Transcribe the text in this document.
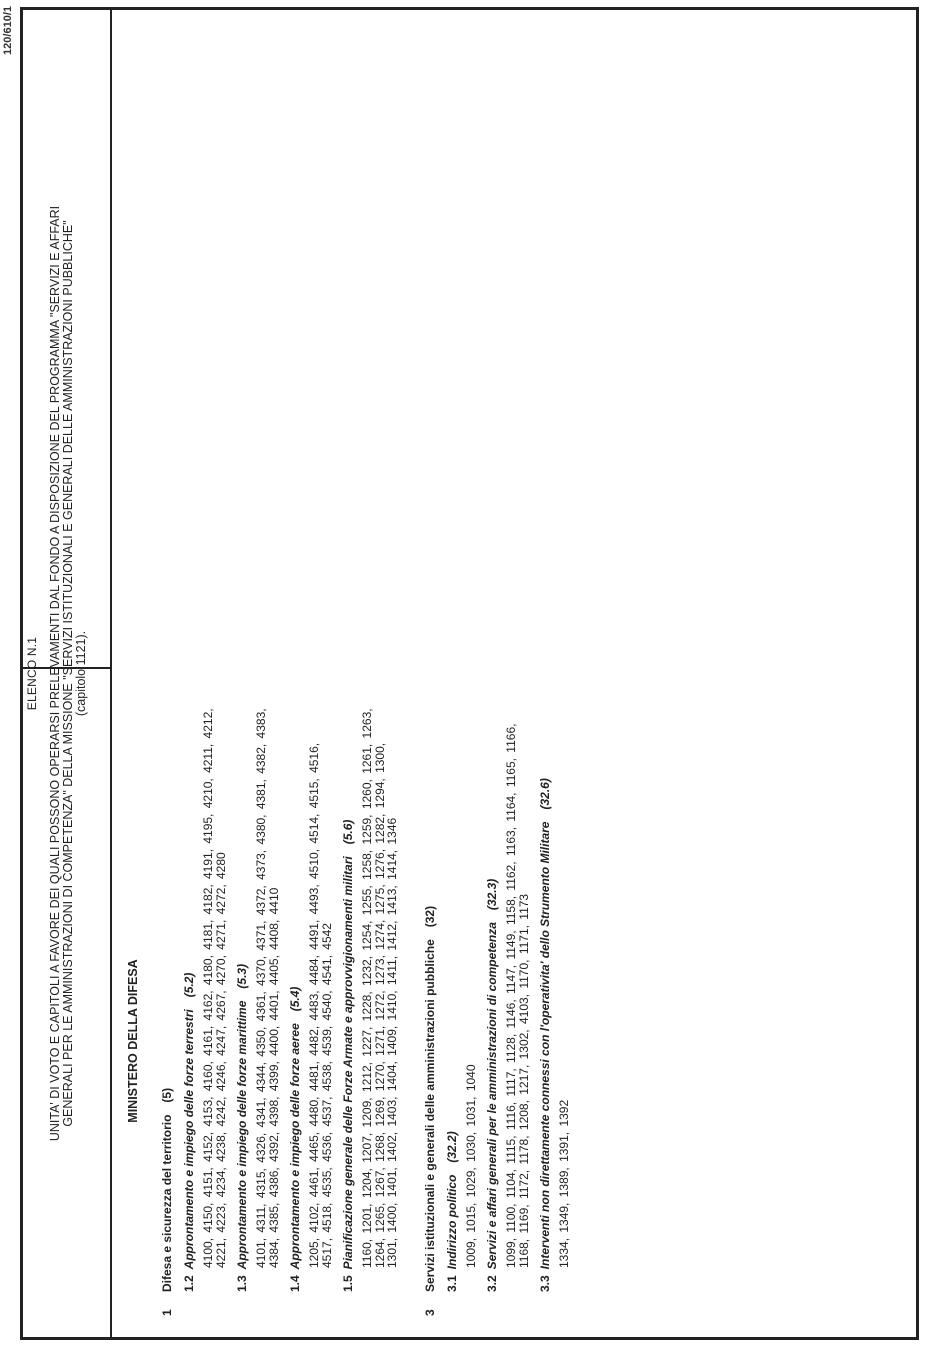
120/610/1
ELENCO N.1 UNITA' DI VOTO E CAPITOLI A FAVORE DEI QUALI POSSONO OPERARSI PRELEVAMENTI DAL FONDO A DISPOSIZIONE DEL PROGRAMMA "SERVIZI E AFFARI GENERALI PER LE AMMINISTRAZIONI DI COMPETENZA" DELLA MISSIONE "SERVIZI ISTITUZIONALI E GENERALI DELLE AMMINISTRAZIONI PUBBLICHE" (capitolo 1121).
MINISTERO DELLA DIFESA
1Difesa e sicurezza del territorio(5)
1.2Approntamento e impiego delle forze terrestri(5.2) 4100, 4150, 4151, 4152, 4153, 4160, 4161, 4162, 4180, 4181, 4182, 4191, 4195, 4210, 4211, 4212, 4221, 4223, 4234, 4238, 4242, 4246, 4247, 4267, 4270, 4271, 4272, 4280
1.3Approntamento e impiego delle forze marittime(5.3) 4101, 4311, 4315, 4326, 4341, 4344, 4350, 4361, 4370, 4371, 4372, 4373, 4380, 4381, 4382, 4383, 4384, 4385, 4386, 4392, 4398, 4399, 4400, 4401, 4405, 4408, 4410
1.4Approntamento e impiego delle forze aeree(5.4) 1205, 4102, 4461, 4465, 4480, 4481, 4482, 4483, 4484, 4491, 4493, 4510, 4514, 4515, 4516, 4517, 4518, 4535, 4536, 4537, 4538, 4539, 4540, 4541, 4542
1.5Pianificazione generale delle Forze Armate e approvvigionamenti militari(5.6) 1160, 1201, 1204, 1207, 1209, 1212, 1227, 1228, 1232, 1254, 1255, 1258, 1259, 1260, 1261, 1263, 1264, 1265, 1267, 1268, 1269, 1270, 1271, 1272, 1273, 1274, 1275, 1276, 1282, 1294, 1300, 1301, 1400, 1401, 1402, 1403, 1404, 1409, 1410, 1411, 1412, 1413, 1414, 1346
3Servizi istituzionali e generali delle amministrazioni pubbliche(32)
3.1Indirizzo politico(32.2) 1009, 1015, 1029, 1030, 1031, 1040
3.2Servizi e affari generali per le amministrazioni di competenza(32.3) 1099, 1100, 1104, 1115, 1116, 1117, 1128, 1146, 1147, 1149, 1158, 1162, 1163, 1164, 1165, 1166, 1168, 1169, 1172, 1178, 1208, 1217, 1302, 4103, 1170, 1171, 1173
3.3Interventi non direttamente connessi con l'operativita' dello Strumento Militare(32.6)
1334, 1349, 1389, 1391, 1392
